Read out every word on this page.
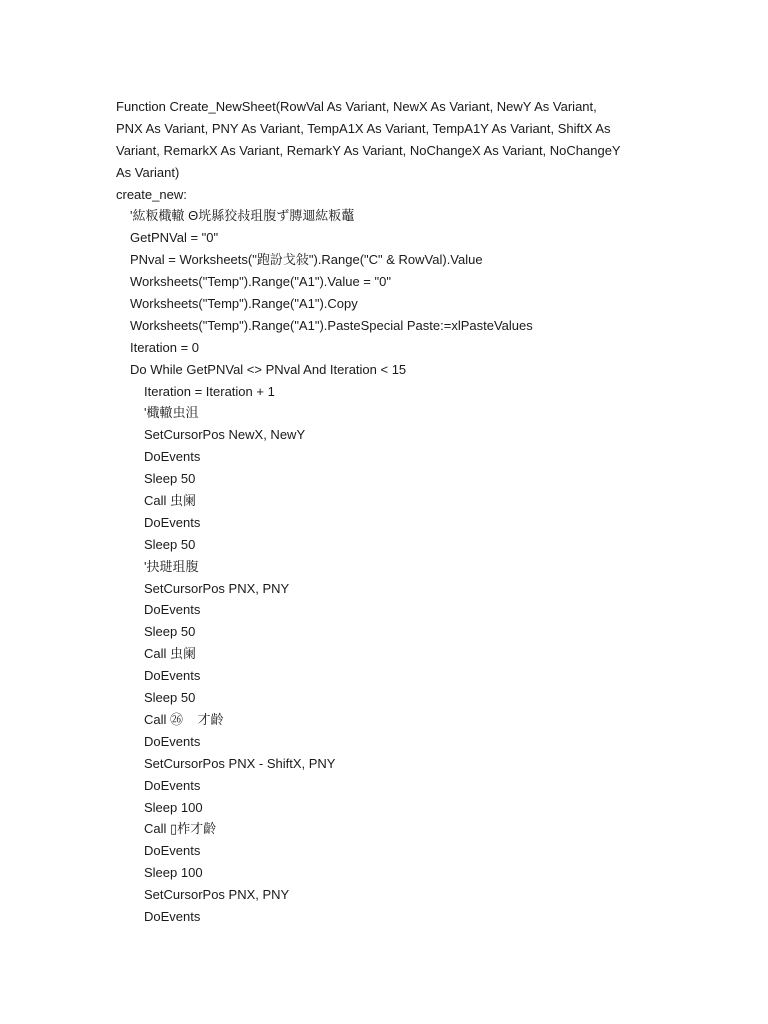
Function Create_NewSheet(RowVal As Variant, NewX As Variant, NewY As Variant,
PNX As Variant, PNY As Variant, TempA1X As Variant, TempA1Y As Variant, ShiftX As
Variant, RemarkX As Variant, RemarkY As Variant, NoChangeX As Variant, NoChangeY
As Variant)
create_new:
'紘粄檝轍 Θ垙縣狡敊珇腹ず膞逥紘粄虌
GetPNVal = "0"
PNval = Worksheets("跑訜戈敍").Range("C" & RowVal).Value
Worksheets("Temp").Range("A1").Value = "0"
Worksheets("Temp").Range("A1").Copy
Worksheets("Temp").Range("A1").PasteSpecial Paste:=xlPasteValues
Iteration = 0
Do While GetPNVal <> PNval And Iteration < 15
Iteration = Iteration + 1
'檝轍虫沮
SetCursorPos NewX, NewY
DoEvents
Sleep 50
Call 虫阑
DoEvents
Sleep 50
'抉琎珇腹
SetCursorPos PNX, PNY
DoEvents
Sleep 50
Call 虫阑
DoEvents
Sleep 50
Call ㉖    才齡
DoEvents
SetCursorPos PNX - ShiftX, PNY
DoEvents
Sleep 100
Call ▯柞才齡
DoEvents
Sleep 100
SetCursorPos PNX, PNY
DoEvents
